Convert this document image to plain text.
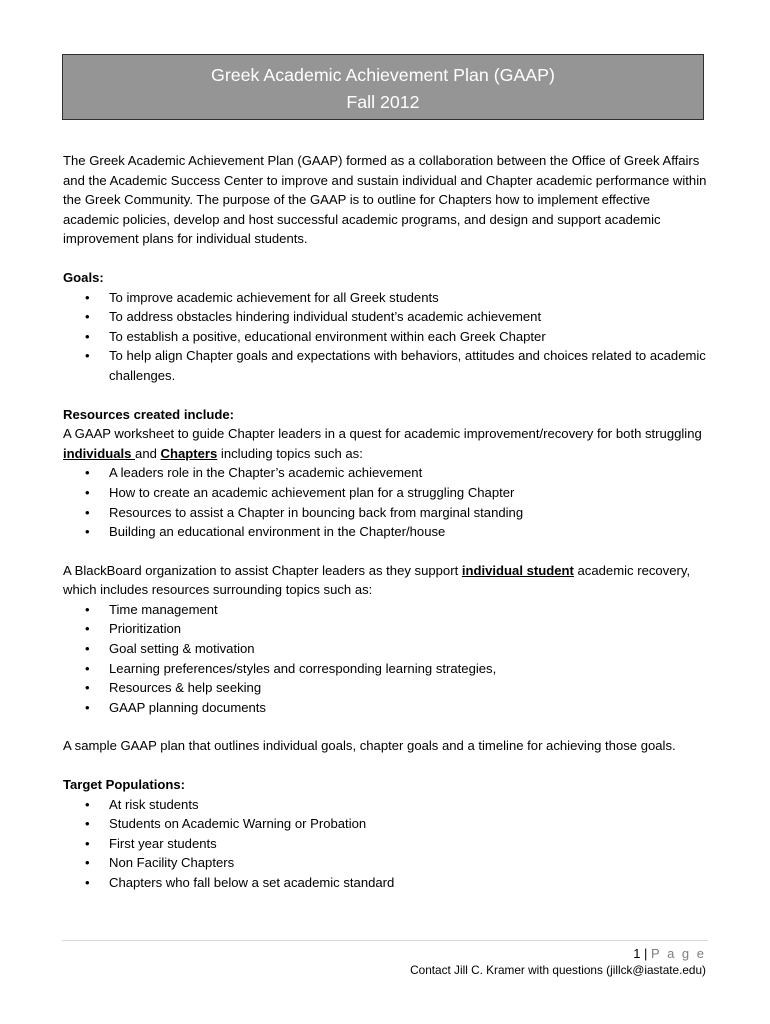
Greek Academic Achievement Plan (GAAP)
Fall 2012

The Greek Academic Achievement Plan (GAAP) formed as a collaboration between the Office of Greek Affairs and the Academic Success Center to improve and sustain individual and Chapter academic performance within the Greek Community. The purpose of the GAAP is to outline for Chapters how to implement effective academic policies, develop and host successful academic programs, and design and support academic improvement plans for individual students.

Goals:

• To improve academic achievement for all Greek students
• To address obstacles hindering individual student’s academic achievement
• To establish a positive, educational environment within each Greek Chapter
• To help align Chapter goals and expectations with behaviors, attitudes and choices related to academic challenges.

Resources created include:

A GAAP worksheet to guide Chapter leaders in a quest for academic improvement/recovery for both struggling individuals and Chapters including topics such as:

• A leaders role in the Chapter’s academic achievement
• How to create an academic achievement plan for a struggling Chapter
• Resources to assist a Chapter in bouncing back from marginal standing
• Building an educational environment in the Chapter/house

A BlackBoard organization to assist Chapter leaders as they support individual student academic recovery, which includes resources surrounding topics such as:

• Time management
• Prioritization
• Goal setting & motivation
• Learning preferences/styles and corresponding learning strategies,
• Resources & help seeking
• GAAP planning documents

A sample GAAP plan that outlines individual goals, chapter goals and a timeline for achieving those goals.

Target Populations:

• At risk students
• Students on Academic Warning or Probation
• First year students
• Non Facility Chapters
• Chapters who fall below a set academic standard
1 | P a g e
Contact Jill C. Kramer with questions (jillck@iastate.edu)
